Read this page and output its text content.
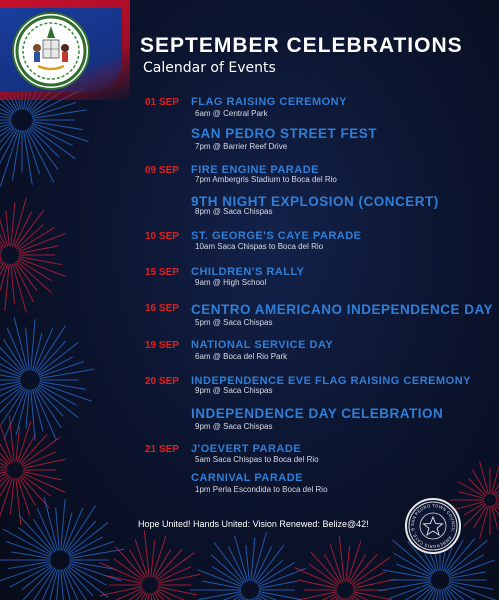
SEPTEMBER CELEBRATIONS
Calendar of Events
01 SEP	FLAG RAISING CEREMONY
6am @ Central Park
SAN PEDRO STREET FEST
7pm @ Barrier Reef Drive
09 SEP	FIRE ENGINE PARADE
7pm Ambergris Stadium to Boca del Rio
9TH NIGHT EXPLOSION (CONCERT)
8pm @ Saca Chispas
10 SEP	ST. GEORGE'S CAYE PARADE
10am Saca Chispas to Boca del Rio
15 SEP	CHILDREN'S RALLY
9am @ High School
16 SEP CENTRO AMERICANO INDEPENDENCE DAY
5pm @ Saca Chispas
19 SEP	NATIONAL SERVICE DAY
6am @ Boca del Rio Park
20 SEP	INDEPENDENCE EVE FLAG RAISING CEREMONY
9pm @ Saca Chispas
INDEPENDENCE DAY CELEBRATION
9pm @ Saca Chispas
21 SEP	J'OEVERT PARADE
5am Saca Chispas to Boca del Rio
CARNIVAL PARADE
1pm Perla Escondida to Boca del Rio
Hope United! Hands United: Vision Renewed: Belize@42!	SAN PEDRO TOWN COUNCIL · AMBERGRIS CAYE, B
